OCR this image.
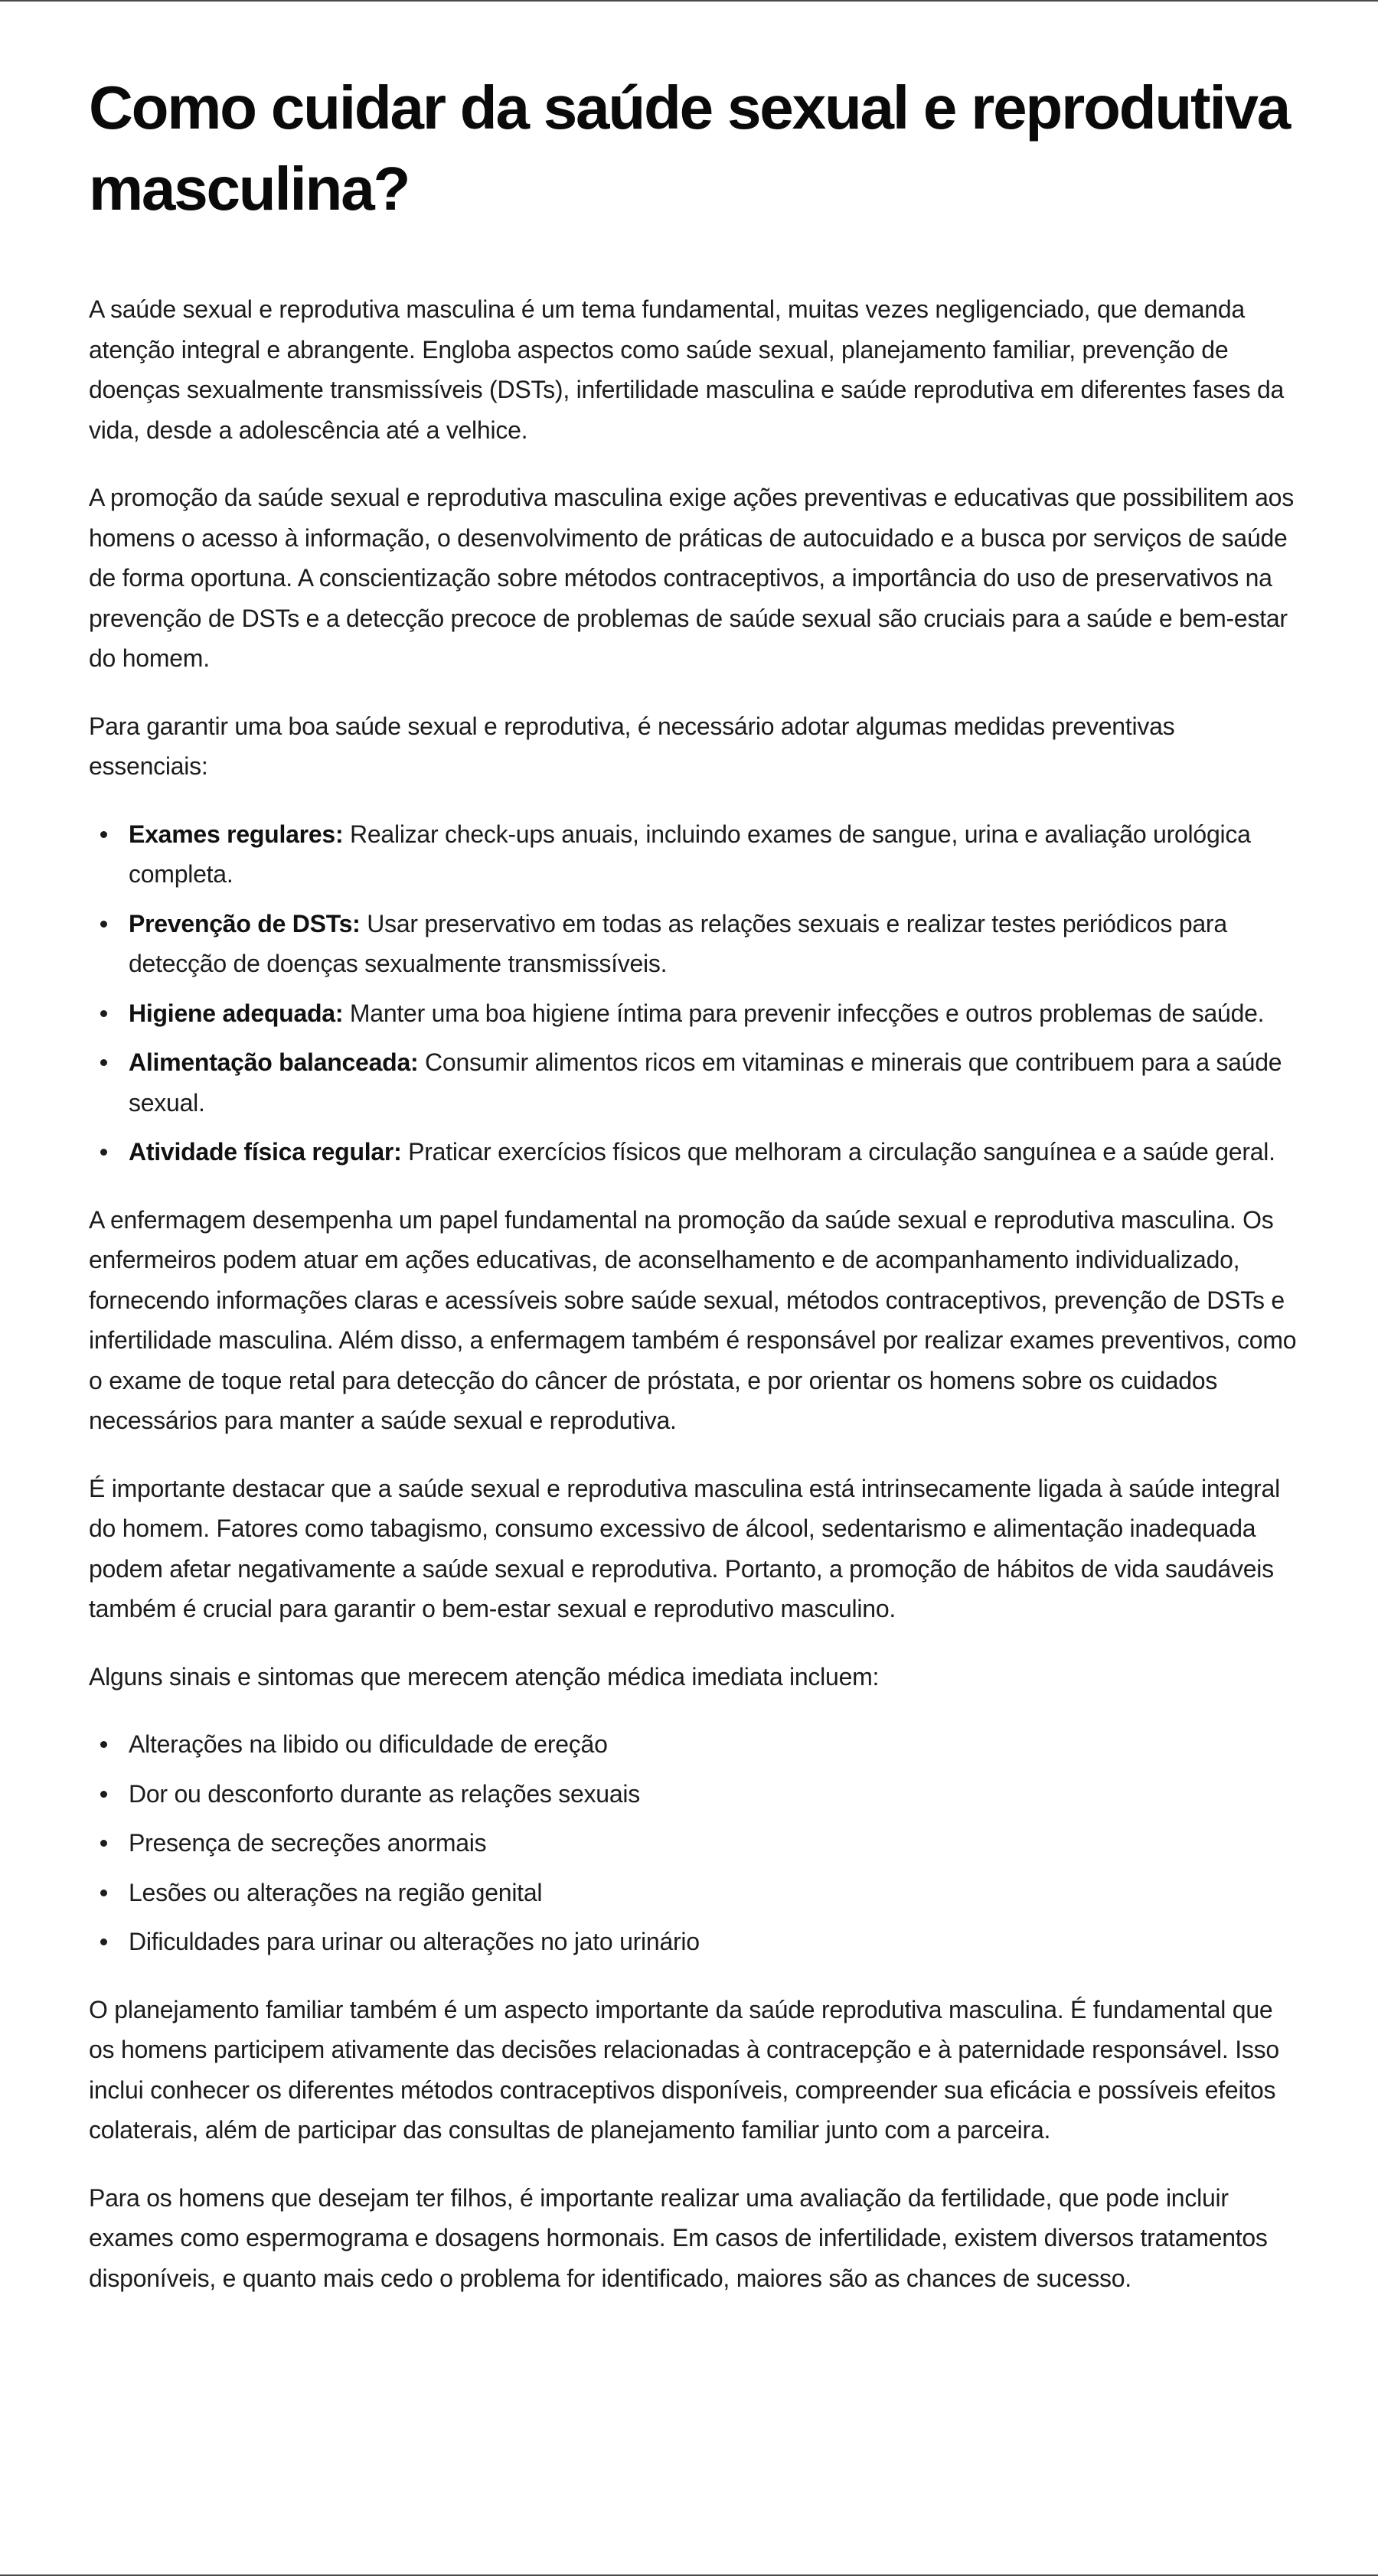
Como cuidar da saúde sexual e reprodutiva masculina?

A saúde sexual e reprodutiva masculina é um tema fundamental, muitas vezes negligenciado, que demanda atenção integral e abrangente. Engloba aspectos como saúde sexual, planejamento familiar, prevenção de doenças sexualmente transmissíveis (DSTs), infertilidade masculina e saúde reprodutiva em diferentes fases da vida, desde a adolescência até a velhice.

A promoção da saúde sexual e reprodutiva masculina exige ações preventivas e educativas que possibilitem aos homens o acesso à informação, o desenvolvimento de práticas de autocuidado e a busca por serviços de saúde de forma oportuna. A conscientização sobre métodos contraceptivos, a importância do uso de preservativos na prevenção de DSTs e a detecção precoce de problemas de saúde sexual são cruciais para a saúde e bem-estar do homem.

Para garantir uma boa saúde sexual e reprodutiva, é necessário adotar algumas medidas preventivas essenciais:

Exames regulares: Realizar check-ups anuais, incluindo exames de sangue, urina e avaliação urológica completa.
Prevenção de DSTs: Usar preservativo em todas as relações sexuais e realizar testes periódicos para detecção de doenças sexualmente transmissíveis.
Higiene adequada: Manter uma boa higiene íntima para prevenir infecções e outros problemas de saúde.
Alimentação balanceada: Consumir alimentos ricos em vitaminas e minerais que contribuem para a saúde sexual.
Atividade física regular: Praticar exercícios físicos que melhoram a circulação sanguínea e a saúde geral.

A enfermagem desempenha um papel fundamental na promoção da saúde sexual e reprodutiva masculina. Os enfermeiros podem atuar em ações educativas, de aconselhamento e de acompanhamento individualizado, fornecendo informações claras e acessíveis sobre saúde sexual, métodos contraceptivos, prevenção de DSTs e infertilidade masculina. Além disso, a enfermagem também é responsável por realizar exames preventivos, como o exame de toque retal para detecção do câncer de próstata, e por orientar os homens sobre os cuidados necessários para manter a saúde sexual e reprodutiva.

É importante destacar que a saúde sexual e reprodutiva masculina está intrinsecamente ligada à saúde integral do homem. Fatores como tabagismo, consumo excessivo de álcool, sedentarismo e alimentação inadequada podem afetar negativamente a saúde sexual e reprodutiva. Portanto, a promoção de hábitos de vida saudáveis também é crucial para garantir o bem-estar sexual e reprodutivo masculino.

Alguns sinais e sintomas que merecem atenção médica imediata incluem:

Alterações na libido ou dificuldade de ereção
Dor ou desconforto durante as relações sexuais
Presença de secreções anormais
Lesões ou alterações na região genital
Dificuldades para urinar ou alterações no jato urinário

O planejamento familiar também é um aspecto importante da saúde reprodutiva masculina. É fundamental que os homens participem ativamente das decisões relacionadas à contracepção e à paternidade responsável. Isso inclui conhecer os diferentes métodos contraceptivos disponíveis, compreender sua eficácia e possíveis efeitos colaterais, além de participar das consultas de planejamento familiar junto com a parceira.

Para os homens que desejam ter filhos, é importante realizar uma avaliação da fertilidade, que pode incluir exames como espermograma e dosagens hormonais. Em casos de infertilidade, existem diversos tratamentos disponíveis, e quanto mais cedo o problema for identificado, maiores são as chances de sucesso.
